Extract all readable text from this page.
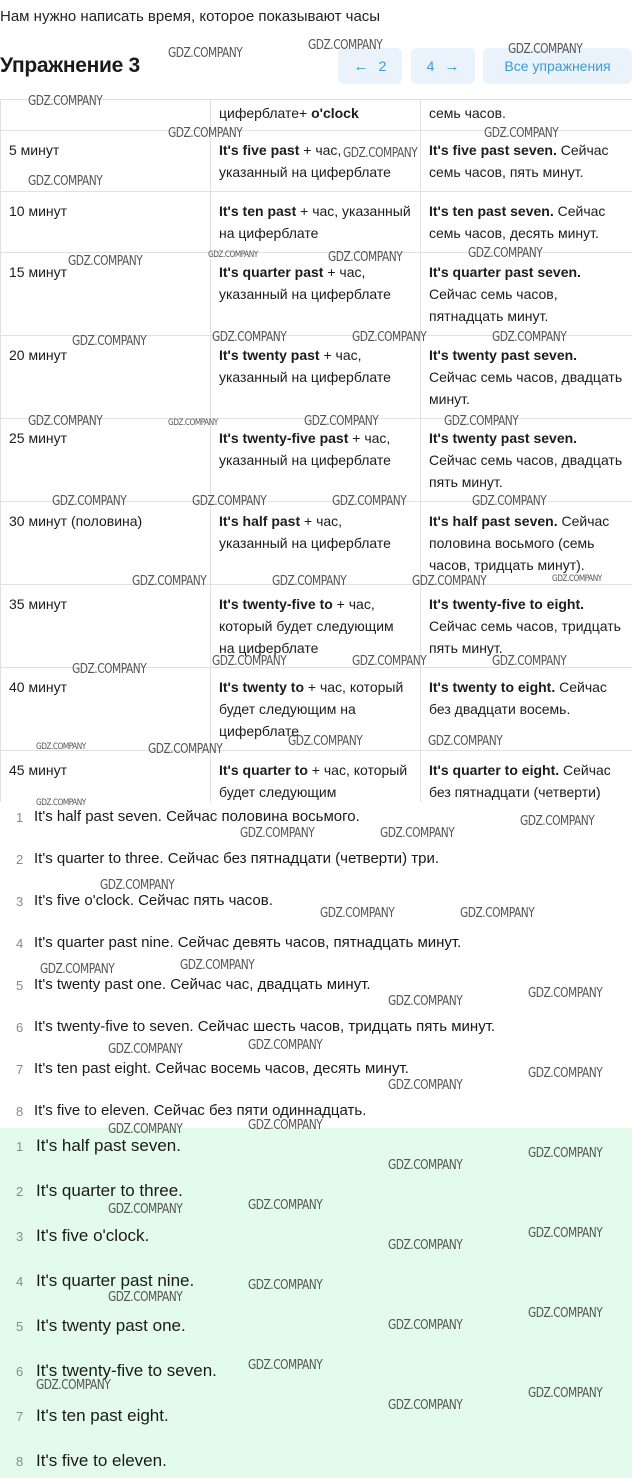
Нам нужно написать время, которое показывают часы
Упражнение 3	← 2	4 →	Все упражнения
	циферблате+ o'clock	семь часов.
5 минут	It's five past + час, указанный на циферблате	It's five past seven. Сейчас семь часов, пять минут.
10 минут	It's ten past + час, указанный на циферблате	It's ten past seven. Сейчас семь часов, десять минут.
15 минут	It's quarter past + час, указанный на циферблате	It's quarter past seven. Сейчас семь часов, пятнадцать минут.
20 минут	It's twenty past + час, указанный на циферблате	It's twenty past seven. Сейчас семь часов, двадцать минут.
25 минут	It's twenty-five past + час, указанный на циферблате	It's twenty past seven. Сейчас семь часов, двадцать пять минут.
30 минут (половина)	It's half past + час, указанный на циферблате	It's half past seven. Сейчас половина восьмого (семь часов, тридцать минут).
35 минут	It's twenty-five to + час, который будет следующим на циферблате	It's twenty-five to eight. Сейчас семь часов, тридцать пять минут.
40 минут	It's twenty to + час, который будет следующим на циферблате	It's twenty to eight. Сейчас без двадцати восемь.
45 минут	It's quarter to + час, который будет следующим	It's quarter to eight. Сейчас без пятнадцати (четверти)
1 It's half past seven. Сейчас половина восьмого.
2 It's quarter to three. Сейчас без пятнадцати (четверти) три.
3 It's five o'clock. Сейчас пять часов.
4 It's quarter past nine. Сейчас девять часов, пятнадцать минут.
5 It's twenty past one. Сейчас час, двадцать минут.
6 It's twenty-five to seven. Сейчас шесть часов, тридцать пять минут.
7 It's ten past eight. Сейчас восемь часов, десять минут.
8 It's five to eleven. Сейчас без пяти одиннадцать.
1 It's half past seven.
2 It's quarter to three.
3 It's five o'clock.
4 It's quarter past nine.
5 It's twenty past one.
6 It's twenty-five to seven.
7 It's ten past eight.
8 It's five to eleven.
GDZ.COMPANY
GDZ.COMPANY	GDZ.COMPANY
GDZ.COMPANY
GDZ.COMPANY	GDZ.COMPANY
GDZ.COMPANY
GDZ.COMPANY
GDZ.COMPANY	GDZ.COMPANY	GDZ.COMPANY
GDZ.COMPANY	GDZ.COMPANY	GDZ.COMPANY	GDZ.COMPANY
GDZ.COMPANY	GDZ.COMPANY	GDZ.COMPANY
GDZ.COMPANY	GDZ.COMPANY	GDZ.COMPANY	GDZ.COMPANY
GDZ.COMPANY	GDZ.COMPANY	GDZ.COMPANY
GDZ.COMPANY
GDZ.COMPANY	GDZ.COMPANY	GDZ.COMPANY
GDZ.COMPANY
GDZ.COMPANY	GDZ.COMPANY
GDZ.COMPANY
GDZ.COMPANY	GDZ.COMPANY
GDZ.COMPANY
GDZ.COMPANY	GDZ.COMPANY
GDZ.COMPANY	GDZ.COMPANY
GDZ.COMPANY
GDZ.COMPANY
GDZ.COMPANY	GDZ.COMPANY
GDZ.COMPANY
GDZ.COMPANY
GDZ.COMPANY	GDZ.COMPANY
GDZ.COMPANY
GDZ.COMPANY
GDZ.COMPANY	GDZ.COMPANY
GDZ.COMPANY
GDZ.COMPANY
GDZ.COMPANY
GDZ.COMPANY
GDZ.COMPANY
GDZ.COMPANY
GDZ.COMPANY
GDZ.COMPANY
GDZ.COMPANY
GDZ.COMPANY
GDZ.COMPANY
GDZ.COMPANY
GDZ.COMPANY
GDZ.COMPANY
GDZ.COMPANY
